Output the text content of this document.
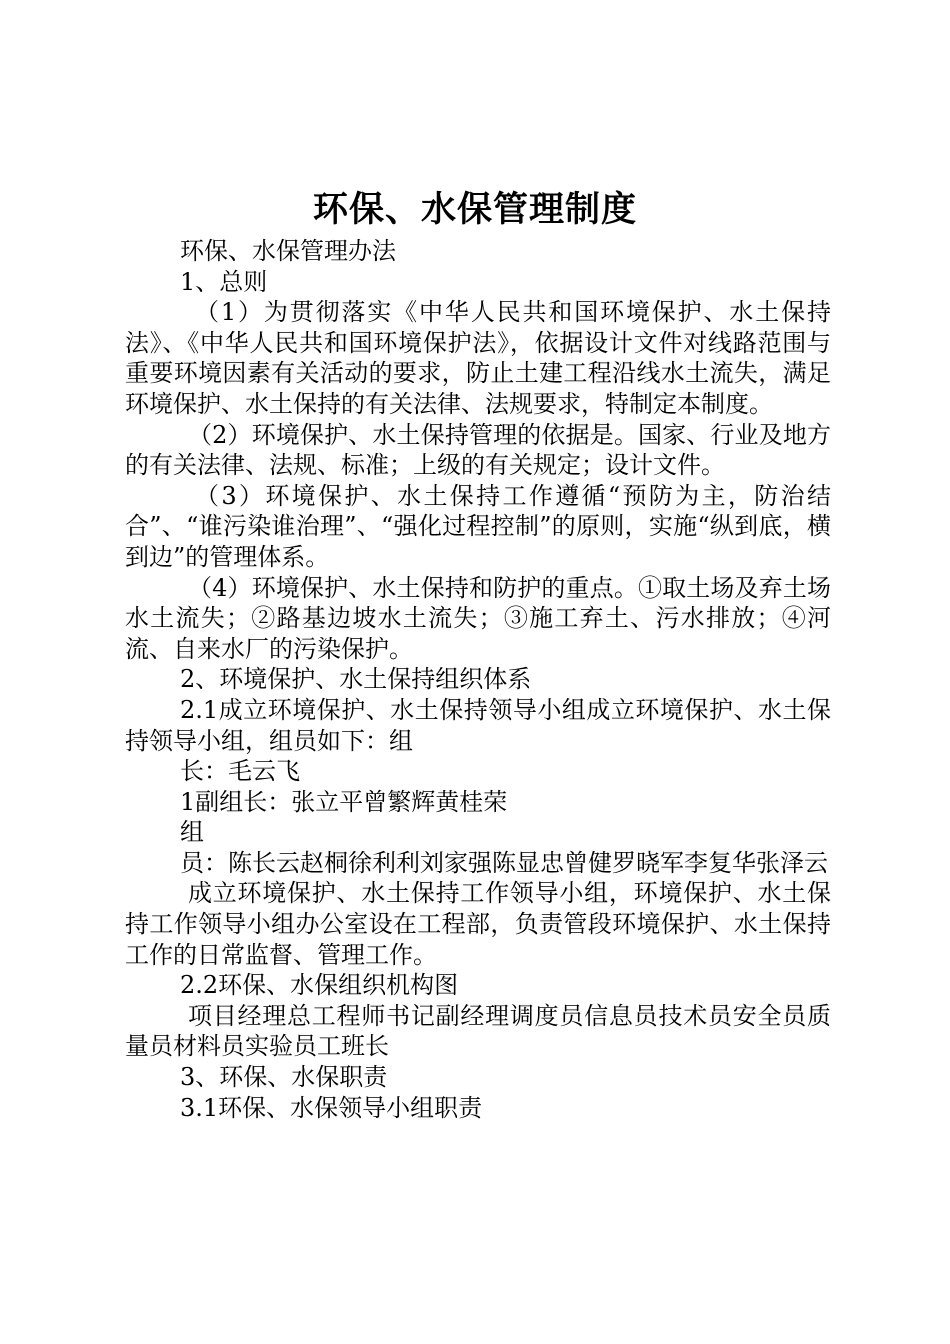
环保、水保管理制度

环保、水保管理办法

1、总则

（1）为贯彻落实《中华人民共和国环境保护、水土保持法》、《中华人民共和国环境保护法》，依据设计文件对线路范围与重要环境因素有关活动的要求，防止土建工程沿线水土流失，满足环境保护、水土保持的有关法律、法规要求，特制定本制度。

（2）环境保护、水土保持管理的依据是。国家、行业及地方的有关法律、法规、标准；上级的有关规定；设计文件。

（3）环境保护、水土保持工作遵循“预防为主，防治结合”、“谁污染谁治理”、“强化过程控制”的原则，实施“纵到底，横到边”的管理体系。

（4）环境保护、水土保持和防护的重点。①取土场及弃土场水土流失；②路基边坡水土流失；③施工弃土、污水排放；④河流、自来水厂的污染保护。

2、环境保护、水土保持组织体系

2.1成立环境保护、水土保持领导小组成立环境保护、水土保持领导小组，组员如下：组

长：毛云飞

1副组长：张立平曾繁辉黄桂荣

组

员：陈长云赵桐徐利利刘家强陈显忠曾健罗晓军李复华张泽云

成立环境保护、水土保持工作领导小组，环境保护、水土保持工作领导小组办公室设在工程部，负责管段环境保护、水土保持工作的日常监督、管理工作。

2.2环保、水保组织机构图

项目经理总工程师书记副经理调度员信息员技术员安全员质量员材料员实验员工班长

3、环保、水保职责

3.1环保、水保领导小组职责
